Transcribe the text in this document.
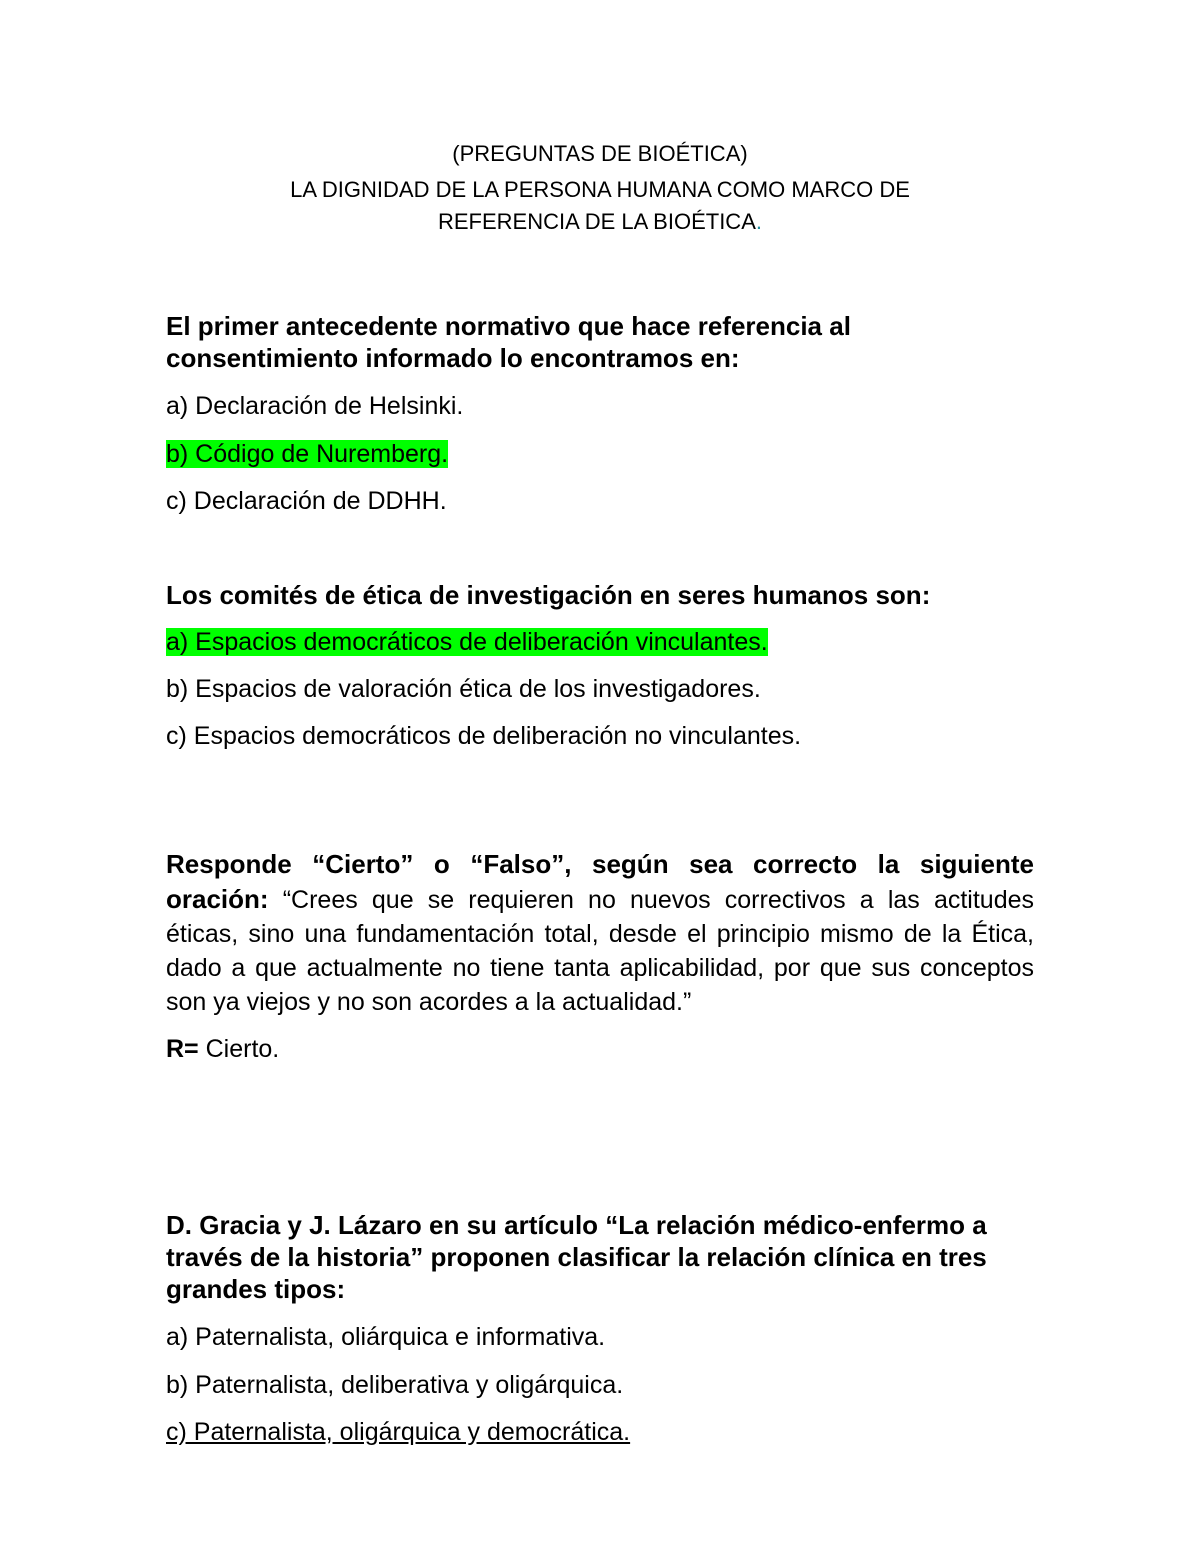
(PREGUNTAS DE BIOÉTICA)
LA DIGNIDAD DE LA PERSONA HUMANA COMO MARCO DE
REFERENCIA DE LA BIOÉTICA.

El primer antecedente normativo que hace referencia al

consentimiento informado lo encontramos en:

a) Declaración de Helsinki.

b) Código de Nuremberg.

c) Declaración de DDHH.

Los comités de ética de investigación en seres humanos son:

a) Espacios democráticos de deliberación vinculantes.

b) Espacios de valoración ética de los investigadores.

c) Espacios democráticos de deliberación no vinculantes.

Responde “Cierto” o “Falso”, según sea correcto la siguiente oración: “Crees que se requieren no nuevos correctivos a las actitudes éticas, sino una fundamentación total, desde el principio mismo de la Ética, dado a que actualmente no tiene tanta aplicabilidad, por que sus conceptos son ya viejos y no son acordes a la actualidad.”

R= Cierto.

D. Gracia y J. Lázaro en su artículo “La relación médico-enfermo a través de la historia” proponen clasificar la relación clínica en tres grandes tipos:

a) Paternalista, oliárquica e informativa.

b) Paternalista, deliberativa y oligárquica.

c) Paternalista, oligárquica y democrática.
